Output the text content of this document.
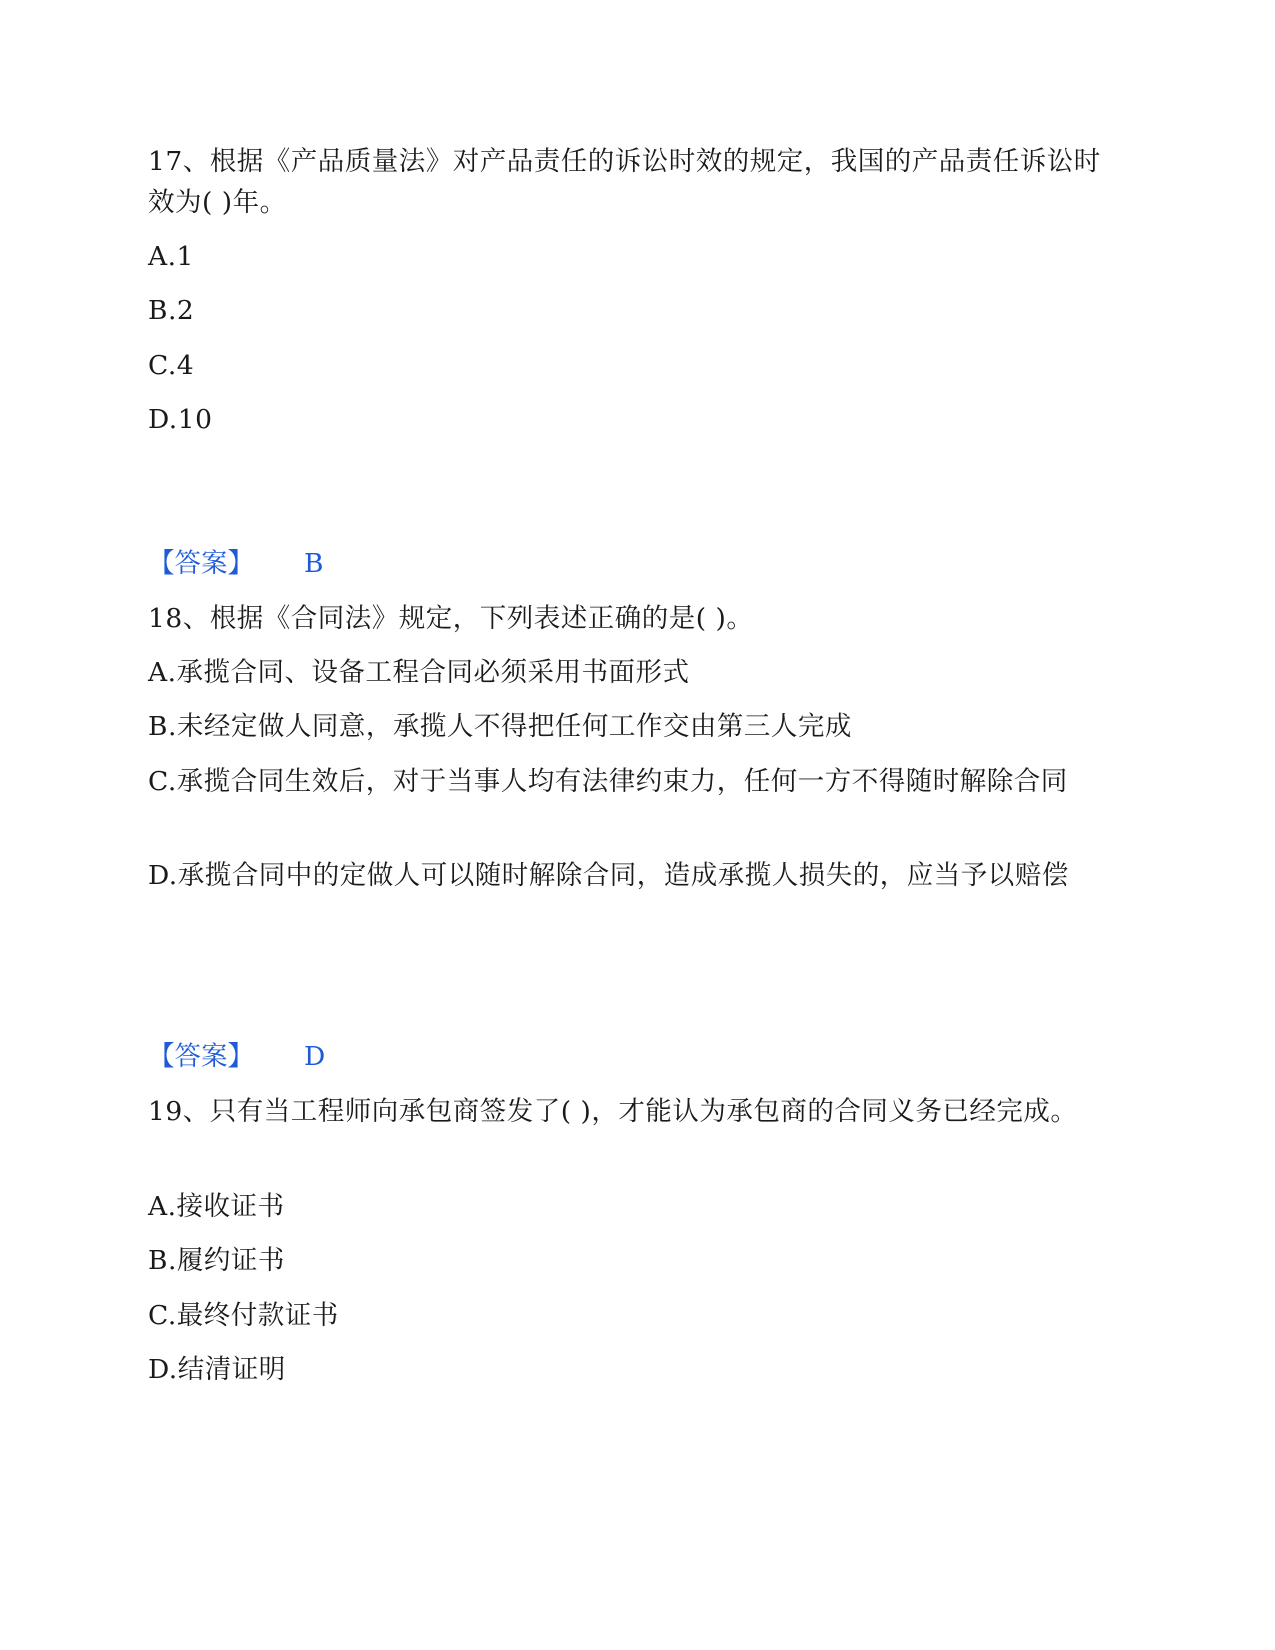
17、根据《产品质量法》对产品责任的诉讼时效的规定，我国的产品责任诉讼时效为( )年。

A.1
B.2
C.4
D.10
【答案】 B

18、根据《合同法》规定，下列表述正确的是( )。

A.承揽合同、设备工程合同必须采用书面形式
B.未经定做人同意，承揽人不得把任何工作交由第三人完成
C.承揽合同生效后，对于当事人均有法律约束力，任何一方不得随时解除合同
D.承揽合同中的定做人可以随时解除合同，造成承揽人损失的，应当予以赔偿
【答案】 D

19、只有当工程师向承包商签发了( )，才能认为承包商的合同义务已经完成。

A.接收证书
B.履约证书
C.最终付款证书
D.结清证明
